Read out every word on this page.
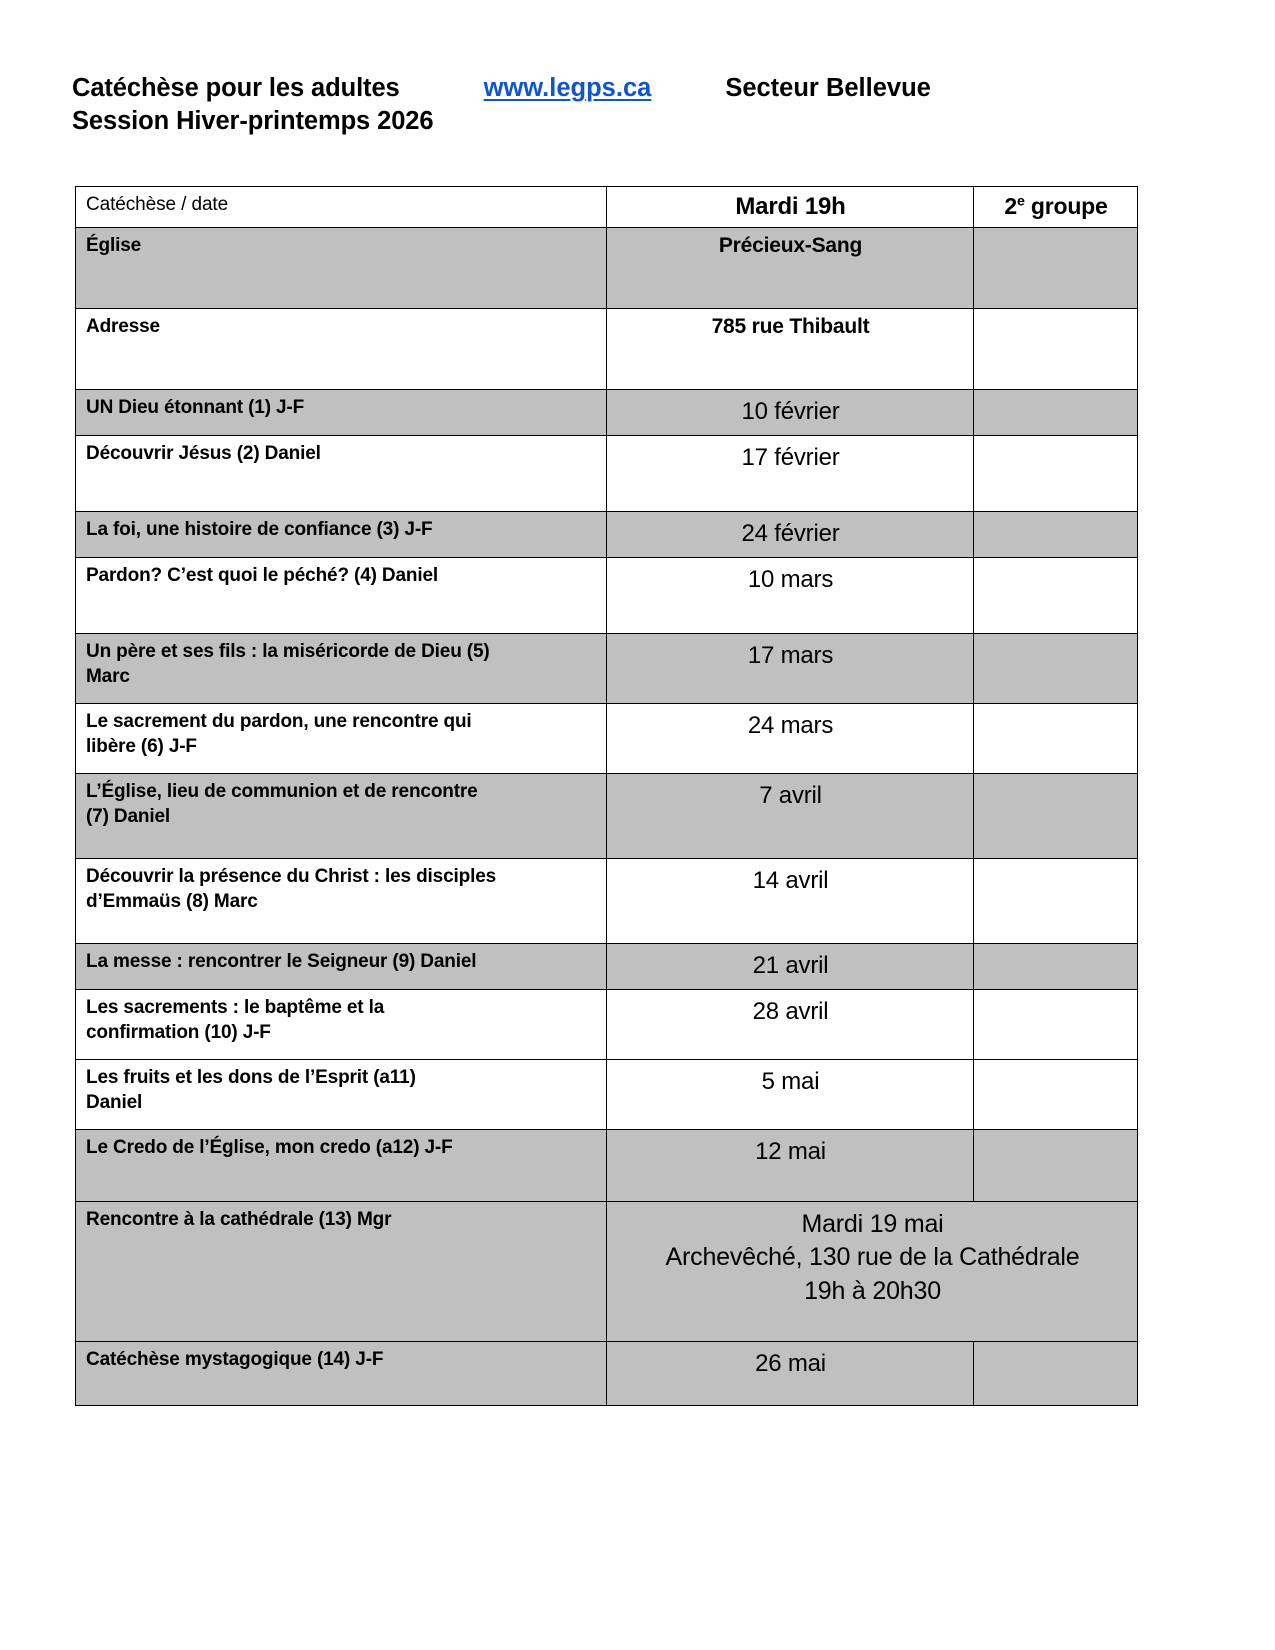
Catéchèse pour les adultes	www.legps.ca	Secteur Bellevue
Session Hiver-printemps 2026
Catéchèse / date	Mardi 19h	2e groupe
Église	Précieux-Sang	
Adresse	785 rue Thibault	

UN Dieu étonnant (1) J-F	10 février	

Découvrir Jésus (2) Daniel	17 février	

La foi, une histoire de confiance (3) J-F	24 février	

Pardon? C’est quoi le péché? (4) Daniel	10 mars	

Un père et ses fils : la miséricorde de Dieu (5)
Marc	17 mars	

Le sacrement du pardon, une rencontre qui
libère (6) J-F	24 mars	

L’Église, lieu de communion et de rencontre
(7) Daniel	7 avril	

Découvrir la présence du Christ : les disciples
d’Emmaüs (8) Marc	14 avril	

La messe : rencontrer le Seigneur (9) Daniel	21 avril	

Les sacrements : le baptême et la
confirmation (10) J-F	28 avril	

Les fruits et les dons de l’Esprit (a11)
Daniel	5 mai	

Le Credo de l’Église, mon credo (a12) J-F	12 mai	
Rencontre à la cathédrale (13) Mgr	Mardi 19 mai
Archevêché, 130 rue de la Cathédrale
19h à 20h30	

Catéchèse mystagogique (14) J-F	26 mai	
